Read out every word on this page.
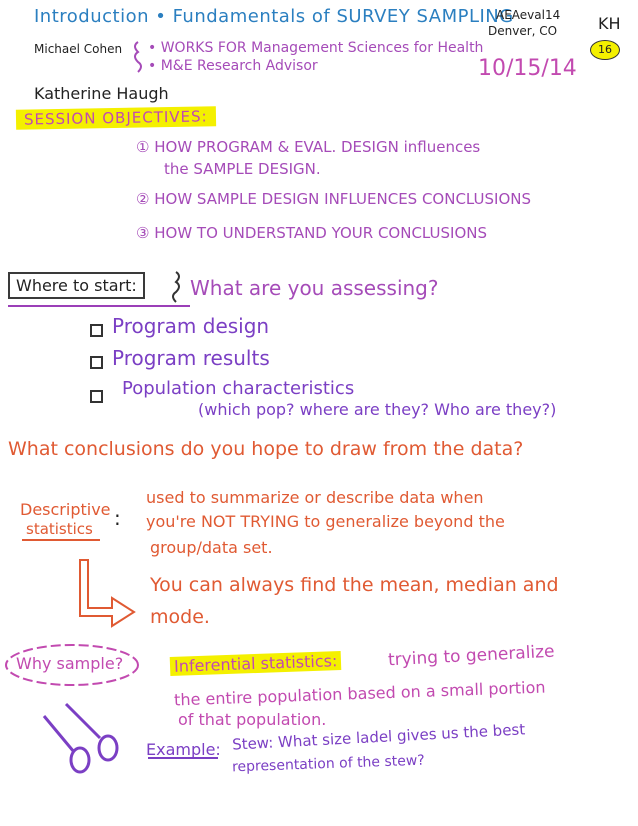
Introduction • Fundamentals of SURVEY SAMPLING
AEAeval14
Denver, CO	KH
16
Michael Cohen • WORKS FOR Management Sciences for Health
• M&E Research Advisor	10/15/14
Katherine Haugh
SESSION OBJECTIVES:
① HOW PROGRAM & EVAL. DESIGN influences
the SAMPLE DESIGN.
② HOW SAMPLE DESIGN INFLUENCES CONCLUSIONS
③ HOW TO UNDERSTAND YOUR CONCLUSIONS
Where to start:	What are you assessing?
Program design
Program results
Population characteristics
(which pop? where are they? Who are they?)
What conclusions do you hope to draw from the data?
Descriptive
statistics :
used to summarize or describe data when
you're NOT TRYING to generalize beyond the
group/data set.
You can always find the mean, median and
mode.
Why sample?	Inferential statistics:	trying to generalize
the entire population based on a small portion
of that population.
Example: Stew: What size ladel gives us the best
representation of the stew?
